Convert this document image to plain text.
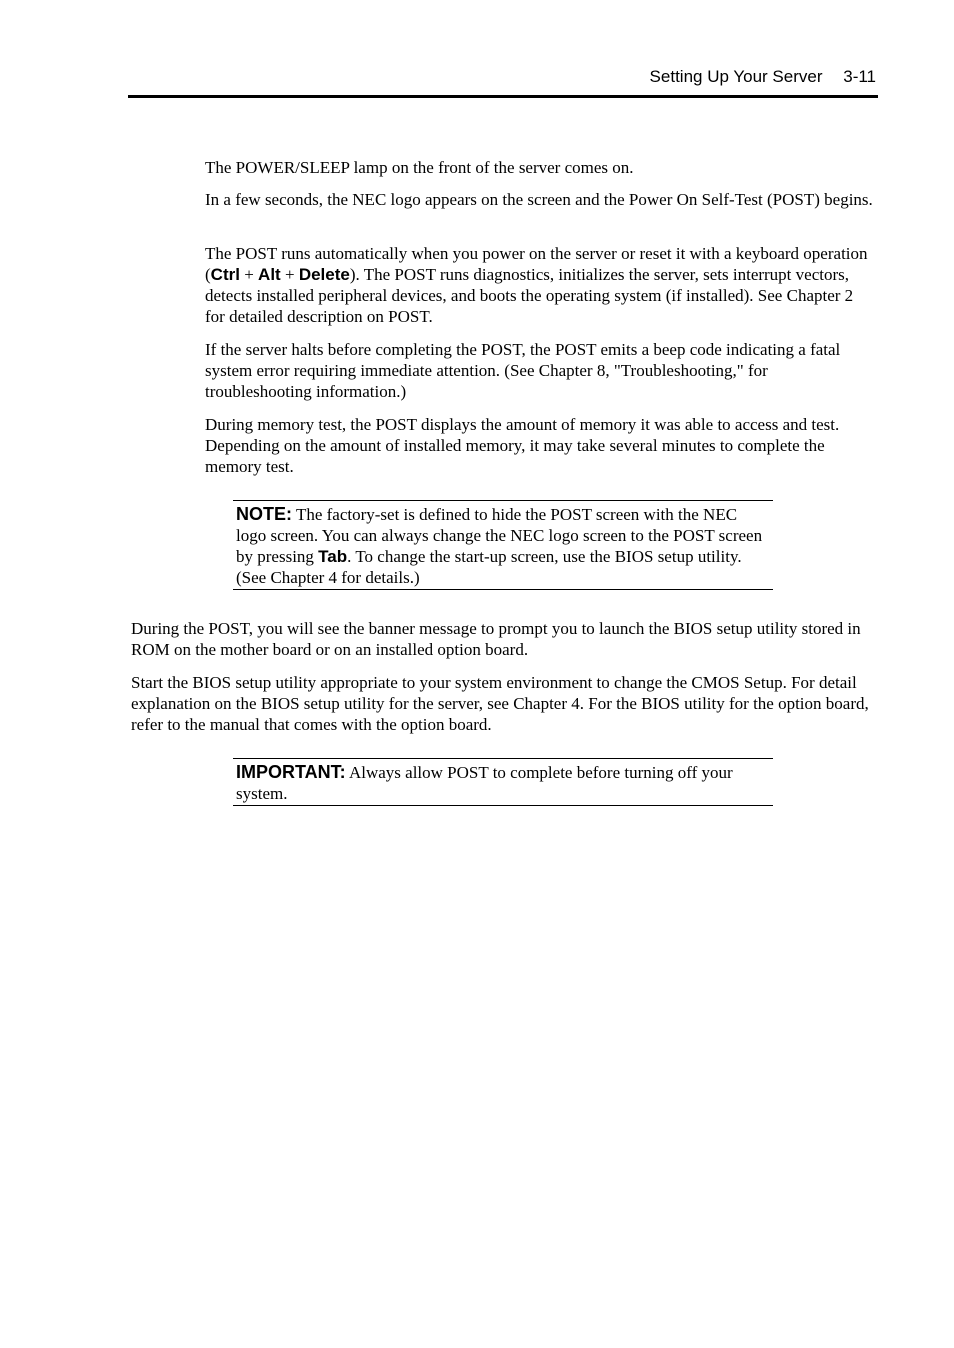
Setting Up Your Server 3-11

The POWER/SLEEP lamp on the front of the server comes on.

In a few seconds, the NEC logo appears on the screen and the Power On Self-Test (POST) begins.

The POST runs automatically when you power on the server or reset it with a keyboard operation (Ctrl + Alt + Delete). The POST runs diagnostics, initializes the server, sets interrupt vectors, detects installed peripheral devices, and boots the operating system (if installed). See Chapter 2 for detailed description on POST.

If the server halts before completing the POST, the POST emits a beep code indicating a fatal system error requiring immediate attention. (See Chapter 8, "Troubleshooting," for troubleshooting information.)

During memory test, the POST displays the amount of memory it was able to access and test. Depending on the amount of installed memory, it may take several minutes to complete the memory test.

NOTE: The factory-set is defined to hide the POST screen with the NEC logo screen. You can always change the NEC logo screen to the POST screen by pressing Tab. To change the start-up screen, use the BIOS setup utility. (See Chapter 4 for details.)

During the POST, you will see the banner message to prompt you to launch the BIOS setup utility stored in ROM on the mother board or on an installed option board.

Start the BIOS setup utility appropriate to your system environment to change the CMOS Setup. For detail explanation on the BIOS setup utility for the server, see Chapter 4. For the BIOS utility for the option board, refer to the manual that comes with the option board.

IMPORTANT: Always allow POST to complete before turning off your system.
